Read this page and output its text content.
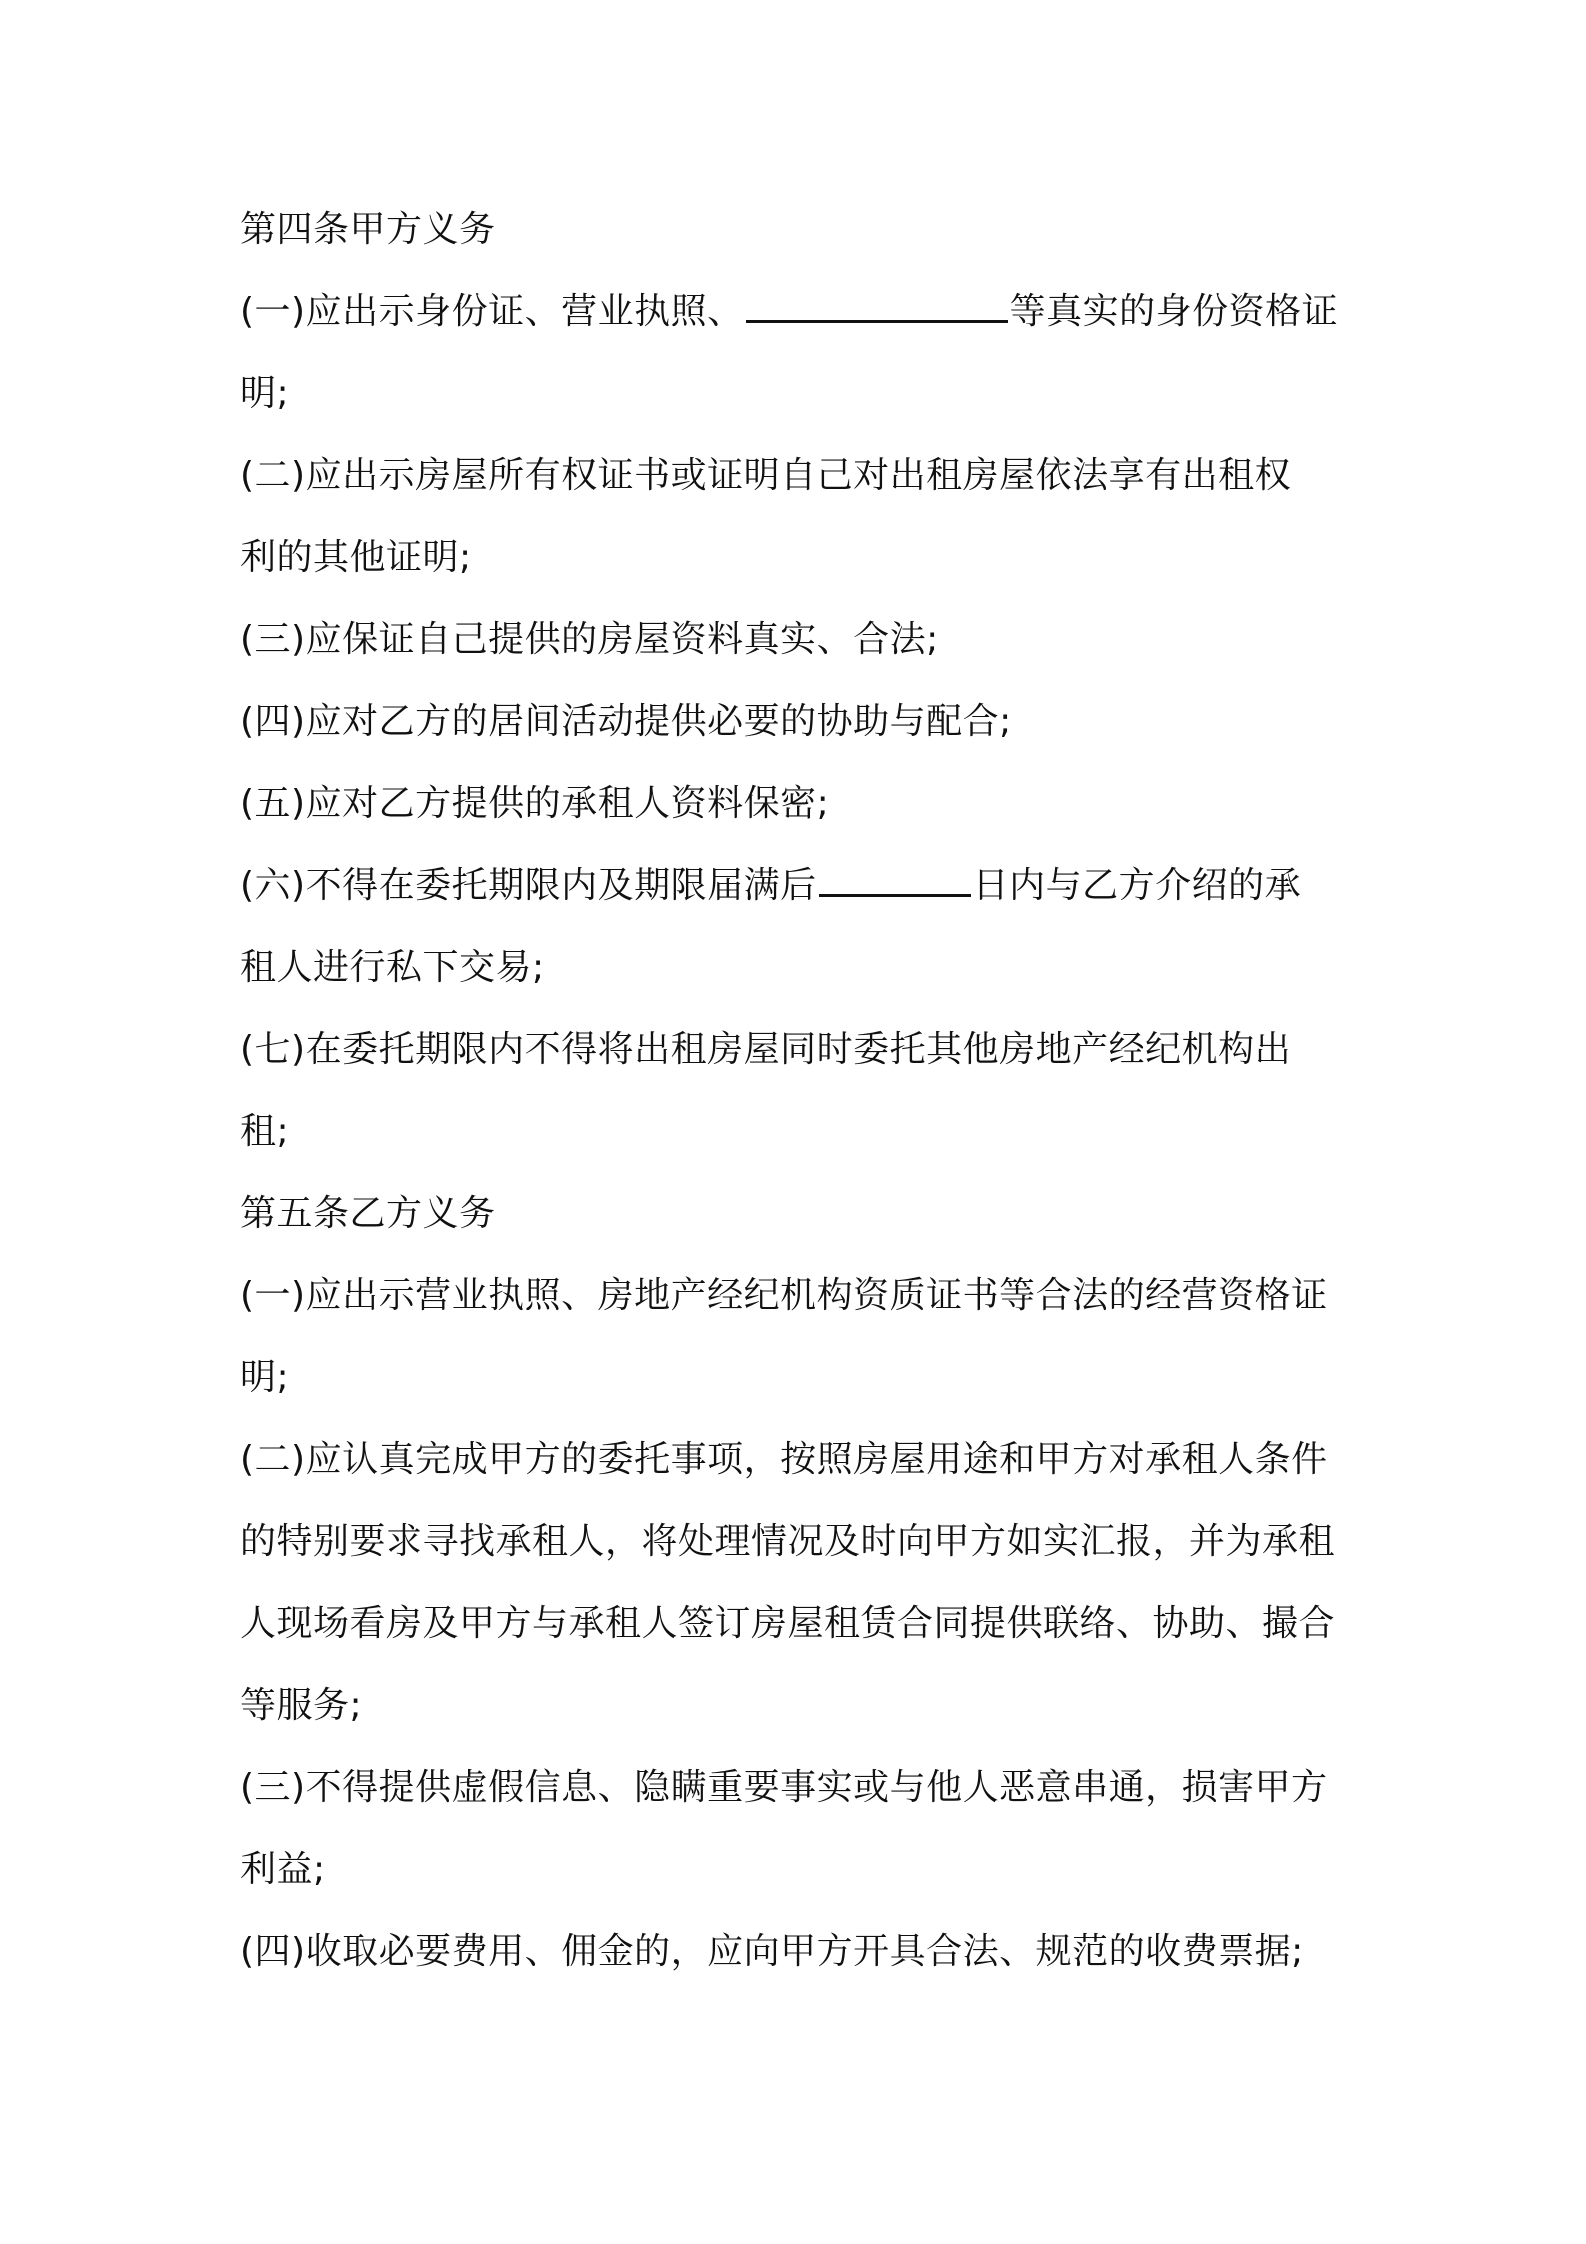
第四条甲方义务
(一)应出示身份证、营业执照、	等真实的身份资格证
明;
(二)应出示房屋所有权证书或证明自己对出租房屋依法享有出租权
利的其他证明;
(三)应保证自己提供的房屋资料真实、合法;
(四)应对乙方的居间活动提供必要的协助与配合;
(五)应对乙方提供的承租人资料保密;
(六)不得在委托期限内及期限届满后	日内与乙方介绍的承
租人进行私下交易;
(七)在委托期限内不得将出租房屋同时委托其他房地产经纪机构出
租;
第五条乙方义务
(一)应出示营业执照、房地产经纪机构资质证书等合法的经营资格证
明;
(二)应认真完成甲方的委托事项，按照房屋用途和甲方对承租人条件
的特别要求寻找承租人，将处理情况及时向甲方如实汇报，并为承租
人现场看房及甲方与承租人签订房屋租赁合同提供联络、协助、撮合
等服务;
(三)不得提供虚假信息、隐瞒重要事实或与他人恶意串通，损害甲方
利益;
(四)收取必要费用、佣金的，应向甲方开具合法、规范的收费票据;
